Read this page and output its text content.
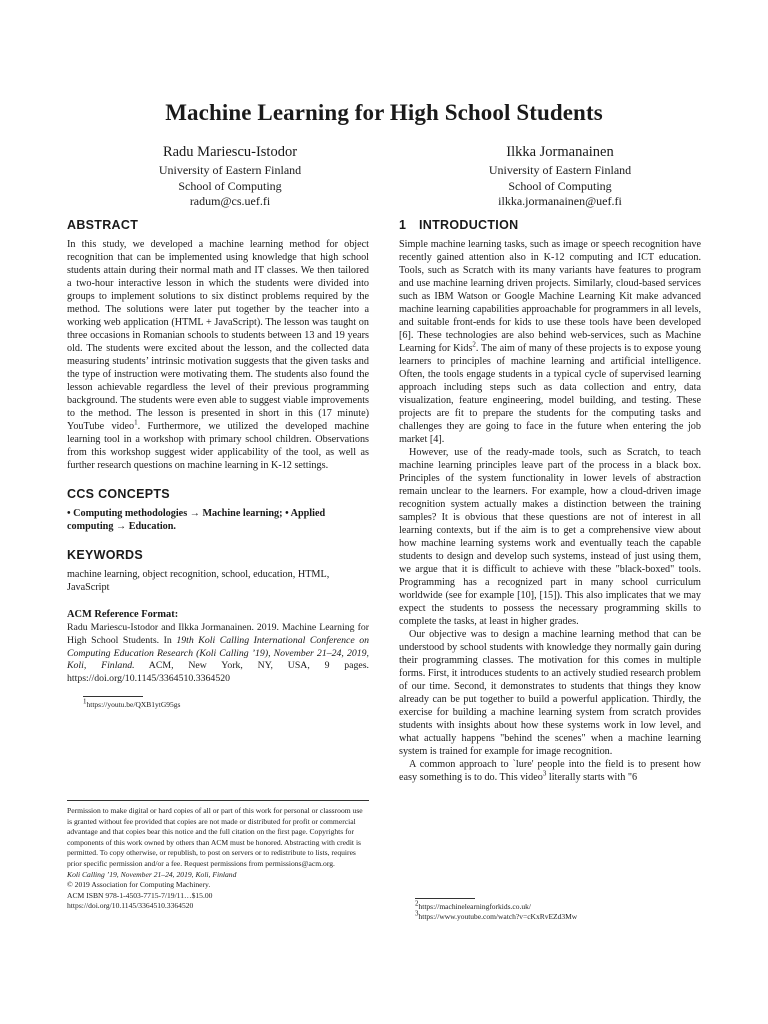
Machine Learning for High School Students
Radu Mariescu-Istodor
University of Eastern Finland
School of Computing
radum@cs.uef.fi
Ilkka Jormanainen
University of Eastern Finland
School of Computing
ilkka.jormanainen@uef.fi
ABSTRACT

In this study, we developed a machine learning method for object recognition that can be implemented using knowledge that high school students attain during their normal math and IT classes. We then tailored a two-hour interactive lesson in which the students were divided into groups to implement solutions to six distinct problems required by the method. The solutions were later put together by the teacher into a working web application (HTML + JavaScript). The lesson was taught on three occasions in Romanian schools to students between 13 and 19 years old. The students were excited about the lesson, and the collected data measuring students’ intrinsic motivation suggests that the given tasks and the type of instruction were motivating them. The students also found the lesson achievable regardless the level of their previous programming background. The students were even able to suggest viable improvements to the method. The lesson is presented in short in this (17 minute) YouTube video$^1$. Furthermore, we utilized the developed machine learning tool in a workshop with primary school children. Observations from this workshop suggest wider applicability of the tool, as well as further research questions on machine learning in K-12 settings.

CCS CONCEPTS

• Computing methodologies → Machine learning; • Applied computing → Education.

KEYWORDS

machine learning, object recognition, school, education, HTML, JavaScript

ACM Reference Format:

Radu Mariescu-Istodor and Ilkka Jormanainen. 2019. Machine Learning for High School Students. In 19th Koli Calling International Conference on Computing Education Research (Koli Calling ’19), November 21–24, 2019, Koli, Finland. ACM, New York, NY, USA, 9 pages. https://doi.org/10.1145/3364510.3364520

$^1$https://youtu.be/QXB1ytG95gs

Permission to make digital or hard copies of all or part of this work for personal or classroom use is granted without fee provided that copies are not made or distributed for profit or commercial advantage and that copies bear this notice and the full citation on the first page. Copyrights for components of this work owned by others than ACM must be honored. Abstracting with credit is permitted. To copy otherwise, or republish, to post on servers or to redistribute to lists, requires prior specific permission and/or a fee. Request permissions from permissions@acm.org.

Koli Calling ’19, November 21–24, 2019, Koli, Finland

© 2019 Association for Computing Machinery.

ACM ISBN 978-1-4503-7715-7/19/11…$15.00

https://doi.org/10.1145/3364510.3364520

1 INTRODUCTION

Simple machine learning tasks, such as image or speech recognition have recently gained attention also in K-12 computing and ICT education. Tools, such as Scratch with its many variants have features to program and use machine learning driven projects. Similarly, cloud-based services such as IBM Watson or Google Machine Learning Kit make advanced machine learning capabilities approachable for programmers in all levels, and suitable front-ends for kids to use these tools have been developed [6]. These technologies are also behind web-services, such as Machine Learning for Kids$^2$. The aim of many of these projects is to expose young learners to principles of machine learning and artificial intelligence. Often, the tools engage students in a typical cycle of supervised learning approach including steps such as data collection and entry, data visualization, feature engineering, model building, and testing. These projects are fit to prepare the students for the computing tasks and challenges they are going to face in the future when entering the job market [4].

However, use of the ready-made tools, such as Scratch, to teach machine learning principles leave part of the process in a black box. Principles of the system functionality in lower levels of abstraction remain unclear to the learners. For example, how a cloud-driven image recognition system actually makes a distinction between the training samples? It is obvious that these questions are not of interest in all learning contexts, but if the aim is to get a comprehensive view about how machine learning systems work and eventually teach the capable students to design and develop such systems, instead of just using them, we argue that it is difficult to achieve with these "black-boxed" tools. Programming has a recognized part in many school curriculum worldwide (see for example [10], [15]). This also implicates that we may expect the students to possess the necessary programming skills to complete the tasks, at least in higher grades.

Our objective was to design a machine learning method that can be understood by school students with knowledge they normally gain during their programming classes. The motivation for this comes in multiple forms. First, it introduces students to an actively studied research problem of our time. Second, it demonstrates to students that things they know already can be put together to build a powerful application. Thirdly, the exercise for building a machine learning system from scratch provides students with insights about how these systems work in low level, and what actually happens "behind the scenes" when a machine learning system is trained for example for image recognition.

A common approach to `lure' people into the field is to present how easy something is to do. This video$^3$ literally starts with "6

$^2$https://machinelearningforkids.co.uk/
$^3$https://www.youtube.com/watch?v=cKxRvEZd3Mw
